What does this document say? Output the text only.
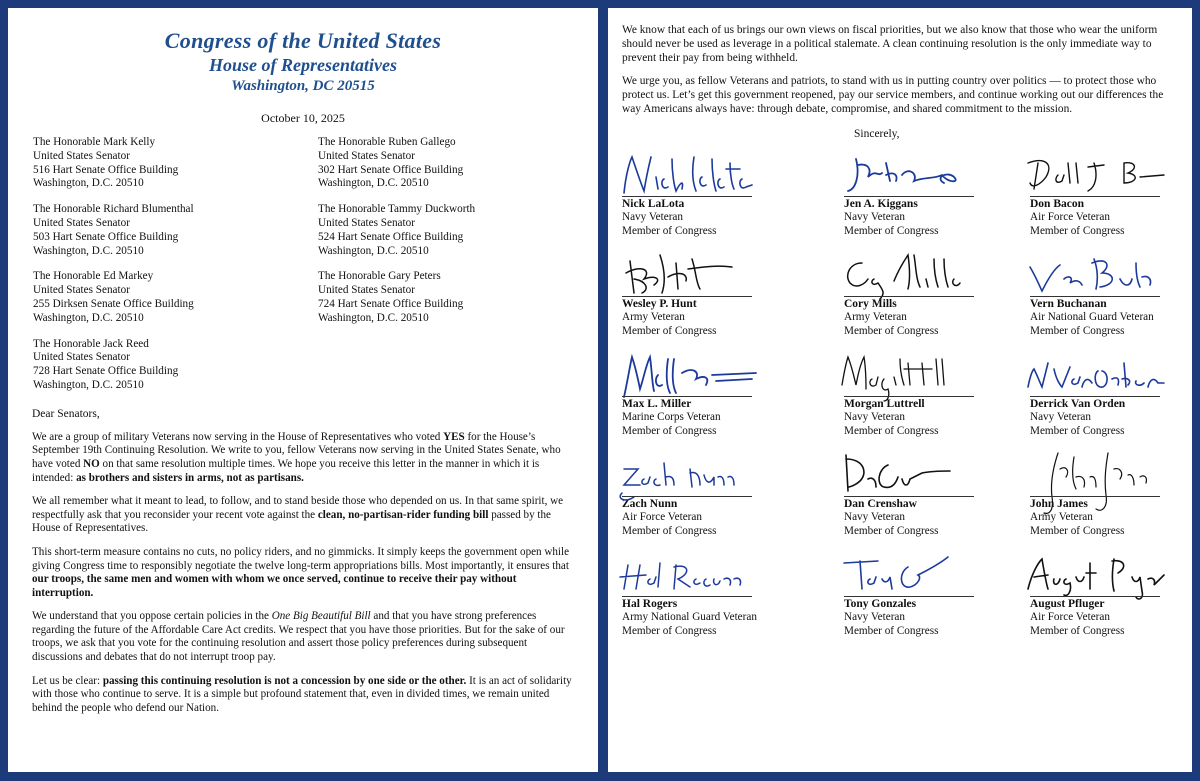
Congress of the United States
House of Representatives
Washington, DC 20515
October 10, 2025
The Honorable Mark Kelly
United States Senator
516 Hart Senate Office Building
Washington, D.C. 20510
The Honorable Ruben Gallego
United States Senator
302 Hart Senate Office Building
Washington, D.C. 20510
The Honorable Richard Blumenthal
United States Senator
503 Hart Senate Office Building
Washington, D.C. 20510
The Honorable Tammy Duckworth
United States Senator
524 Hart Senate Office Building
Washington, D.C. 20510
The Honorable Ed Markey
United States Senator
255 Dirksen Senate Office Building
Washington, D.C. 20510
The Honorable Gary Peters
United States Senator
724 Hart Senate Office Building
Washington, D.C. 20510
The Honorable Jack Reed
United States Senator
728 Hart Senate Office Building
Washington, D.C. 20510
Dear Senators,

We are a group of military Veterans now serving in the House of Representatives who voted YES for the House’s September 19th Continuing Resolution. We write to you, fellow Veterans now serving in the United States Senate, who have voted NO on that same resolution multiple times. We hope you receive this letter in the manner in which it is intended: as brothers and sisters in arms, not as partisans.

We all remember what it meant to lead, to follow, and to stand beside those who depended on us. In that same spirit, we respectfully ask that you reconsider your recent vote against the clean, no-partisan-rider funding bill passed by the House of Representatives.

This short-term measure contains no cuts, no policy riders, and no gimmicks. It simply keeps the government open while giving Congress time to responsibly negotiate the twelve long-term appropriations bills. Most importantly, it ensures that our troops, the same men and women with whom we once served, continue to receive their pay without interruption.

We understand that you oppose certain policies in the One Big Beautiful Bill and that you have strong preferences regarding the future of the Affordable Care Act credits. We respect that you have those priorities. But for the sake of our troops, we ask that you vote for the continuing resolution and assert those policy preferences during subsequent discussions and debates that do not interrupt troop pay.

Let us be clear: passing this continuing resolution is not a concession by one side or the other. It is an act of solidarity with those who continue to serve. It is a simple but profound statement that, even in divided times, we remain united behind the people who defend our Nation.

We know that each of us brings our own views on fiscal priorities, but we also know that those who wear the uniform should never be used as leverage in a political stalemate. A clean continuing resolution is the only immediate way to prevent their pay from being withheld.

We urge you, as fellow Veterans and patriots, to stand with us in putting country over politics — to protect those who protect us. Let’s get this government reopened, pay our service members, and continue working out our differences the way Americans always have: through debate, compromise, and shared commitment to the mission.

Sincerely,
Nick LaLota
Navy Veteran
Member of Congress
Jen A. Kiggans
Navy Veteran
Member of Congress
Don Bacon
Air Force Veteran
Member of Congress
Wesley P. Hunt
Army Veteran
Member of Congress
Cory Mills
Army Veteran
Member of Congress
Vern Buchanan
Air National Guard Veteran
Member of Congress
Max L. Miller
Marine Corps Veteran
Member of Congress
Morgan Luttrell
Navy Veteran
Member of Congress
Derrick Van Orden
Navy Veteran
Member of Congress
Zach Nunn
Air Force Veteran
Member of Congress
Dan Crenshaw
Navy Veteran
Member of Congress
John James
Army Veteran
Member of Congress
Hal Rogers
Army National Guard Veteran
Member of Congress
Tony Gonzales
Navy Veteran
Member of Congress
August Pfluger
Air Force Veteran
Member of Congress
